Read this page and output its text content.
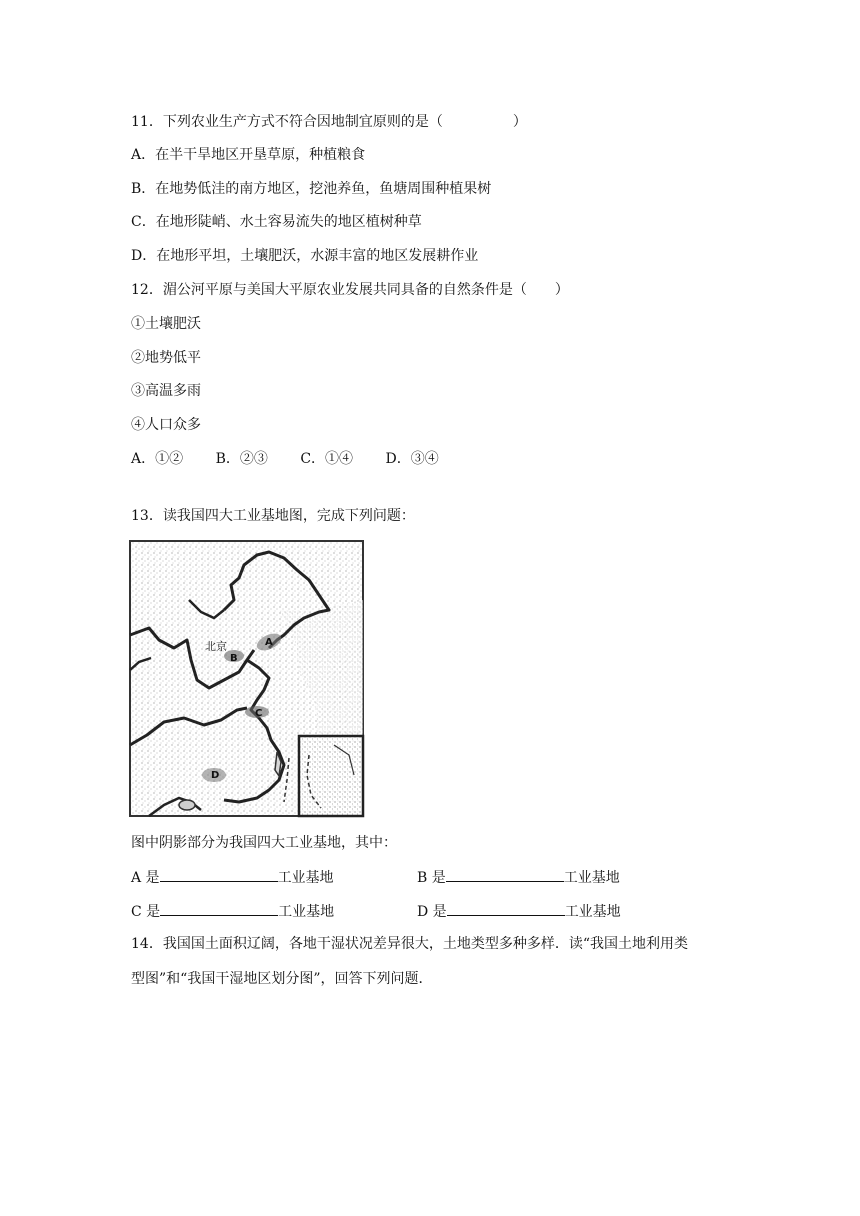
11．下列农业生产方式不符合因地制宜原则的是（　　　　　）
A．在半干旱地区开垦草原，种植粮食
B．在地势低洼的南方地区，挖池养鱼，鱼塘周围种植果树
C．在地形陡峭、水土容易流失的地区植树种草
D．在地形平坦，土壤肥沃，水源丰富的地区发展耕作业
12．湄公河平原与美国大平原农业发展共同具备的自然条件是（　　）
①土壤肥沃
②地势低平
③高温多雨
④人口众多
A．①② B．②③ C．①④ D．③④
13．读我国四大工业基地图，完成下列问题：
北京	A
B
C
D
图中阴影部分为我国四大工业基地，其中：
A 是	工业基地	B 是	工业基地
C 是	工业基地	D 是	工业基地
14．我国国土面积辽阔，各地干湿状况差异很大，土地类型多种多样．读“我国土地利用类
型图”和“我国干湿地区划分图”，回答下列问题．
